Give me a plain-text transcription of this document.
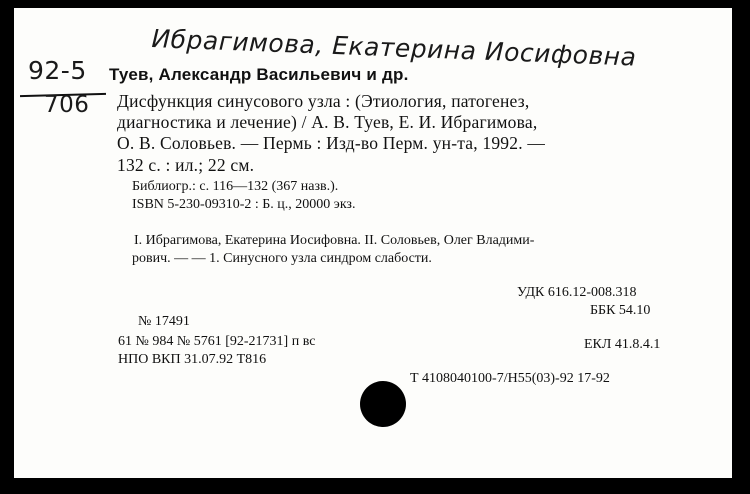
Ибрагимова, Екатерина Иосифовна
92-5
706
Туев, Александр Васильевич и др.
Дисфункция синусового узла : (Этиология, патогенез,
диагностика и лечение) / А. В. Туев, Е. И. Ибрагимова,
О. В. Соловьев. — Пермь : Изд-во Перм. ун-та, 1992. —
132 с. : ил.; 22 см.
Библиогр.: с. 116—132 (367 назв.).
ISBN 5-230-09310-2 : Б. ц., 20000 экз.
I. Ибрагимова, Екатерина Иосифовна. II. Соловьев, Олег Владими-
рович. — — 1. Синусного узла синдром слабости.
УДК 616.12-008.318
ББК 54.10
№ 17491
61 № 984 № 5761 [92-21731] п вс
НПО ВКП 31.07.92 Т816
ЕКЛ 41.8.4.1
Т 4108040100-7/Н55(03)-92 17-92
